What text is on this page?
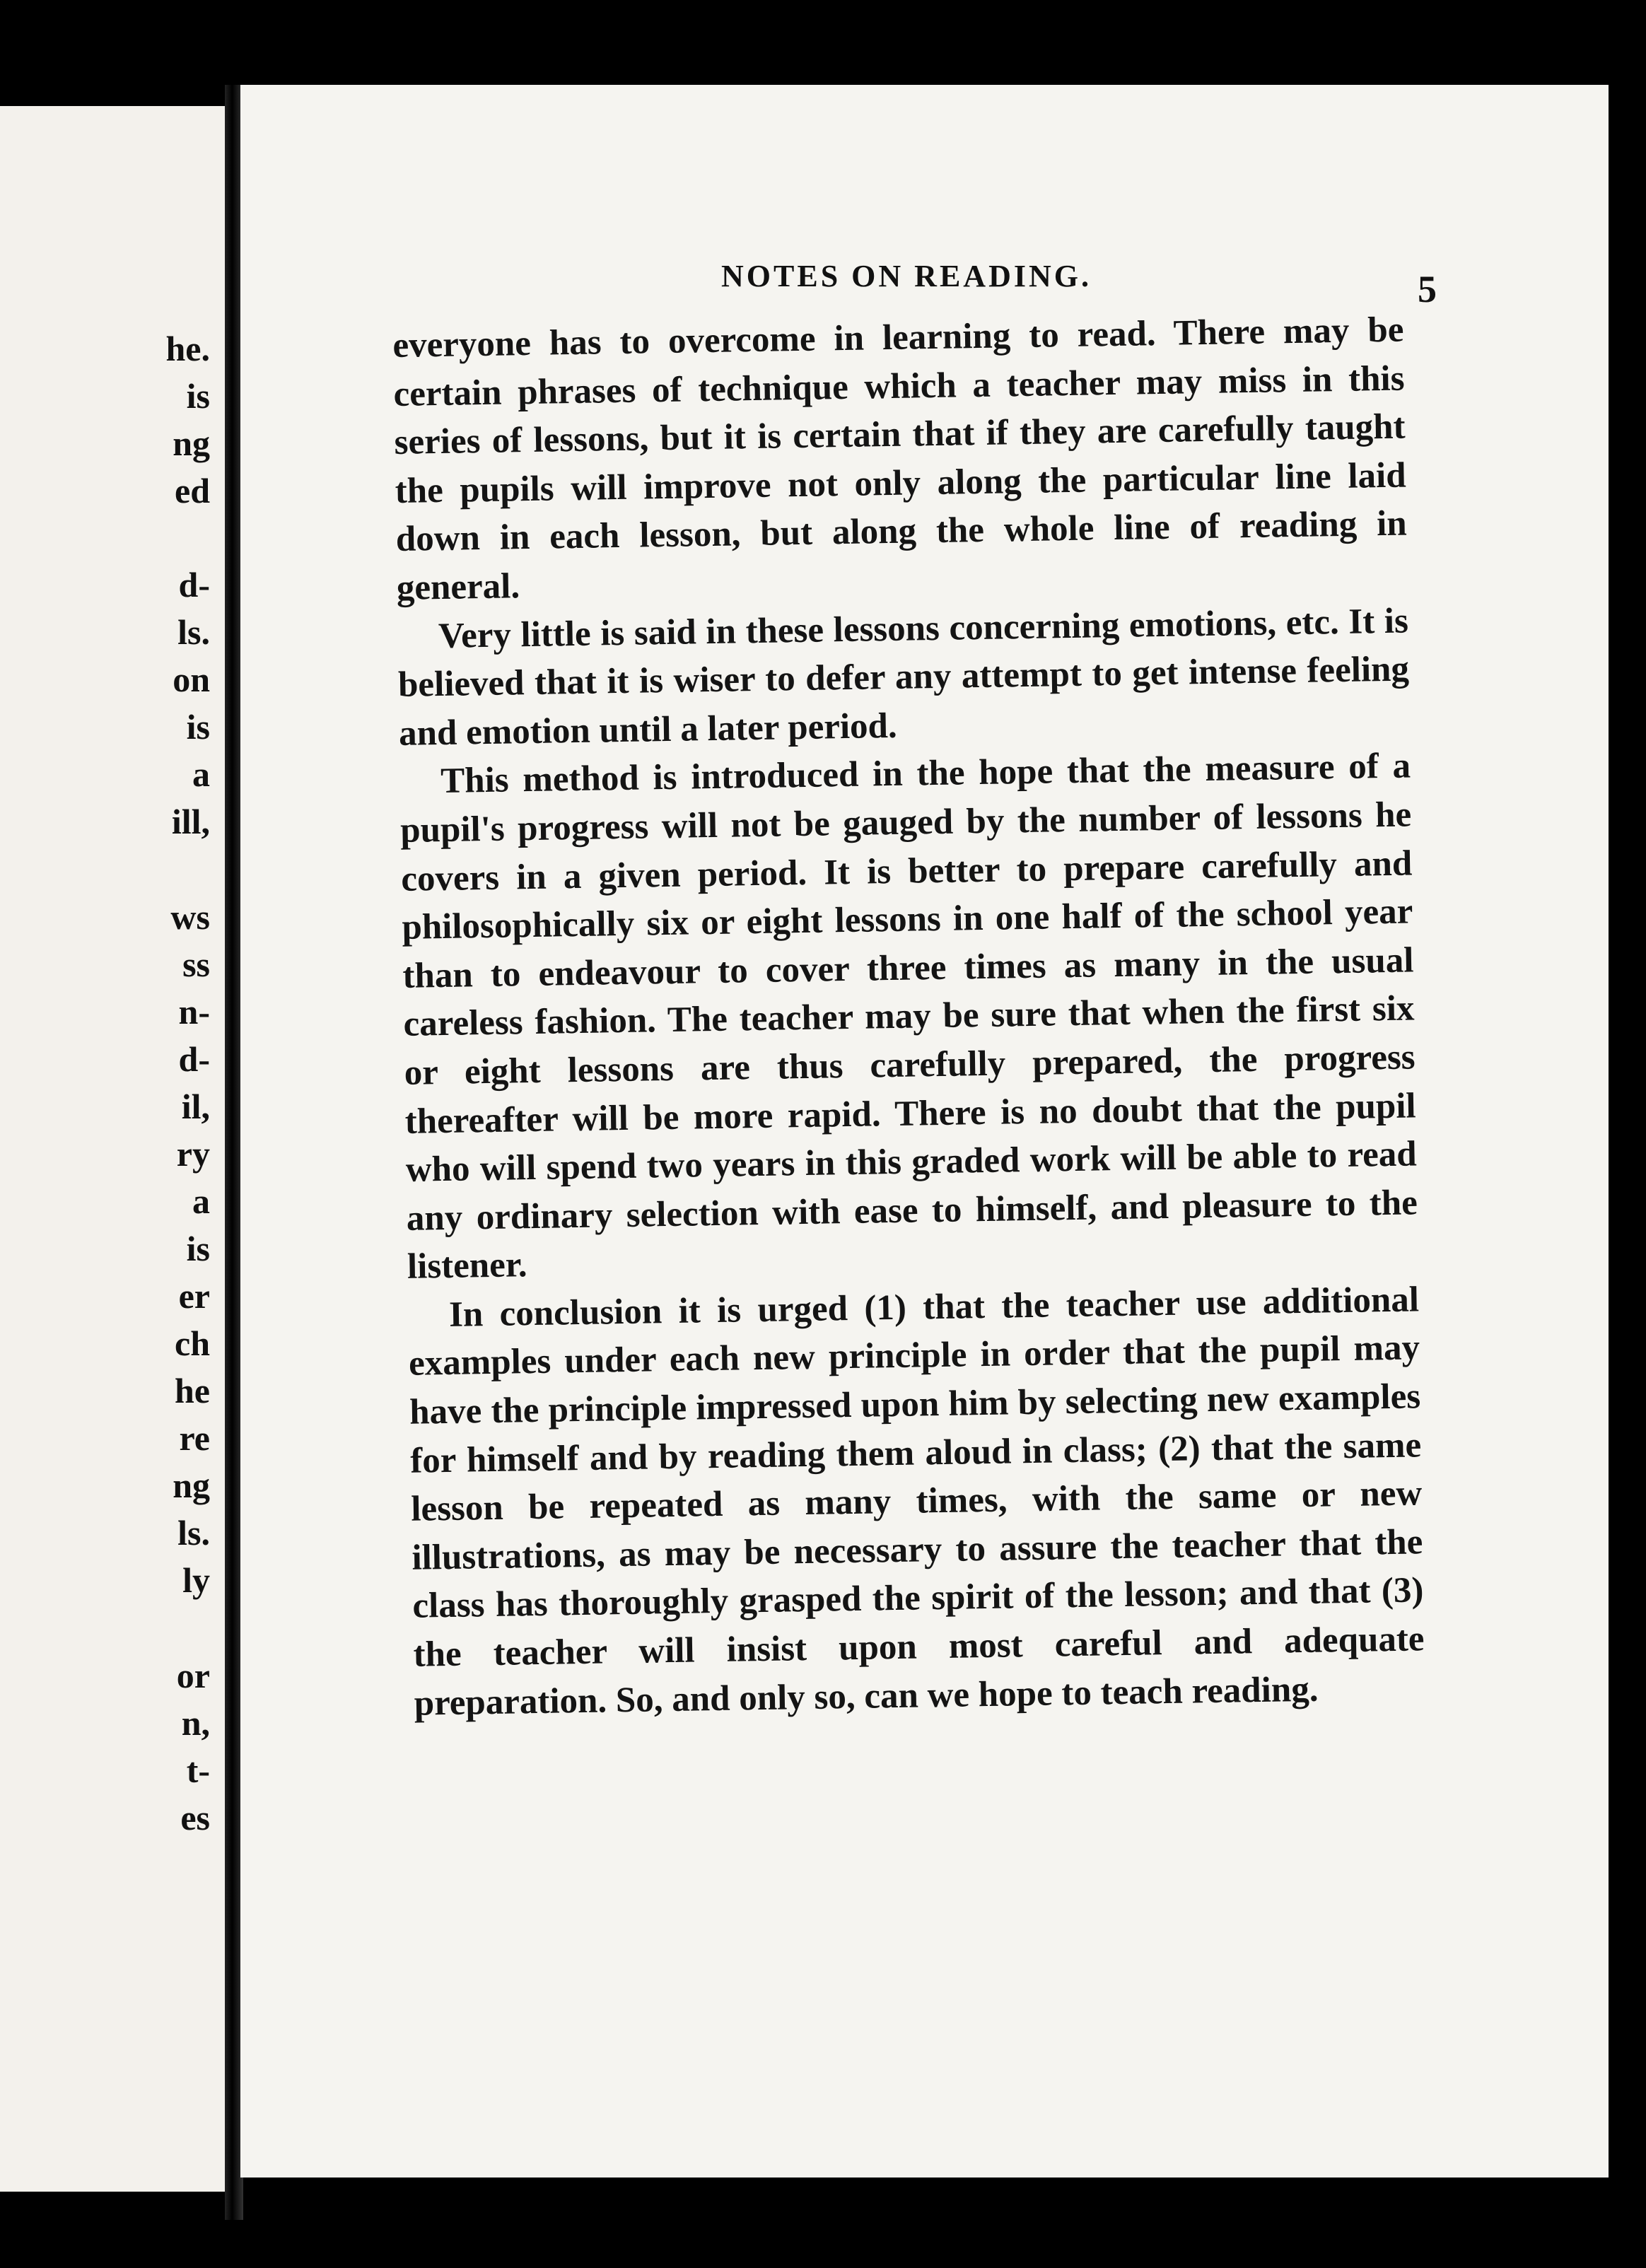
he.
is
ng
ed
d-
ls.
on
is
a
ill,
ws
ss
n-
d-
il,
ry
a
is
er
ch
he
re
ng
ls.
ly
or
n,
t-
es
NOTES ON READING.	5

everyone has to overcome in learning to read. There may be certain phrases of technique which a teacher may miss in this series of lessons, but it is certain that if they are carefully taught the pupils will improve not only along the particular line laid down in each lesson, but along the whole line of reading in general.

Very little is said in these lessons concerning emotions, etc. It is believed that it is wiser to defer any attempt to get intense feeling and emotion until a later period.

This method is introduced in the hope that the measure of a pupil's progress will not be gauged by the number of lessons he covers in a given period. It is better to prepare carefully and philosophically six or eight lessons in one half of the school year than to endeavour to cover three times as many in the usual careless fashion. The teacher may be sure that when the first six or eight lessons are thus carefully prepared, the progress thereafter will be more rapid. There is no doubt that the pupil who will spend two years in this graded work will be able to read any ordinary selection with ease to himself, and pleasure to the listener.

In conclusion it is urged (1) that the teacher use additional examples under each new principle in order that the pupil may have the principle impressed upon him by selecting new examples for himself and by reading them aloud in class; (2) that the same lesson be repeated as many times, with the same or new illustrations, as may be necessary to assure the teacher that the class has thoroughly grasped the spirit of the lesson; and that (3) the teacher will insist upon most careful and adequate preparation. So, and only so, can we hope to teach reading.
